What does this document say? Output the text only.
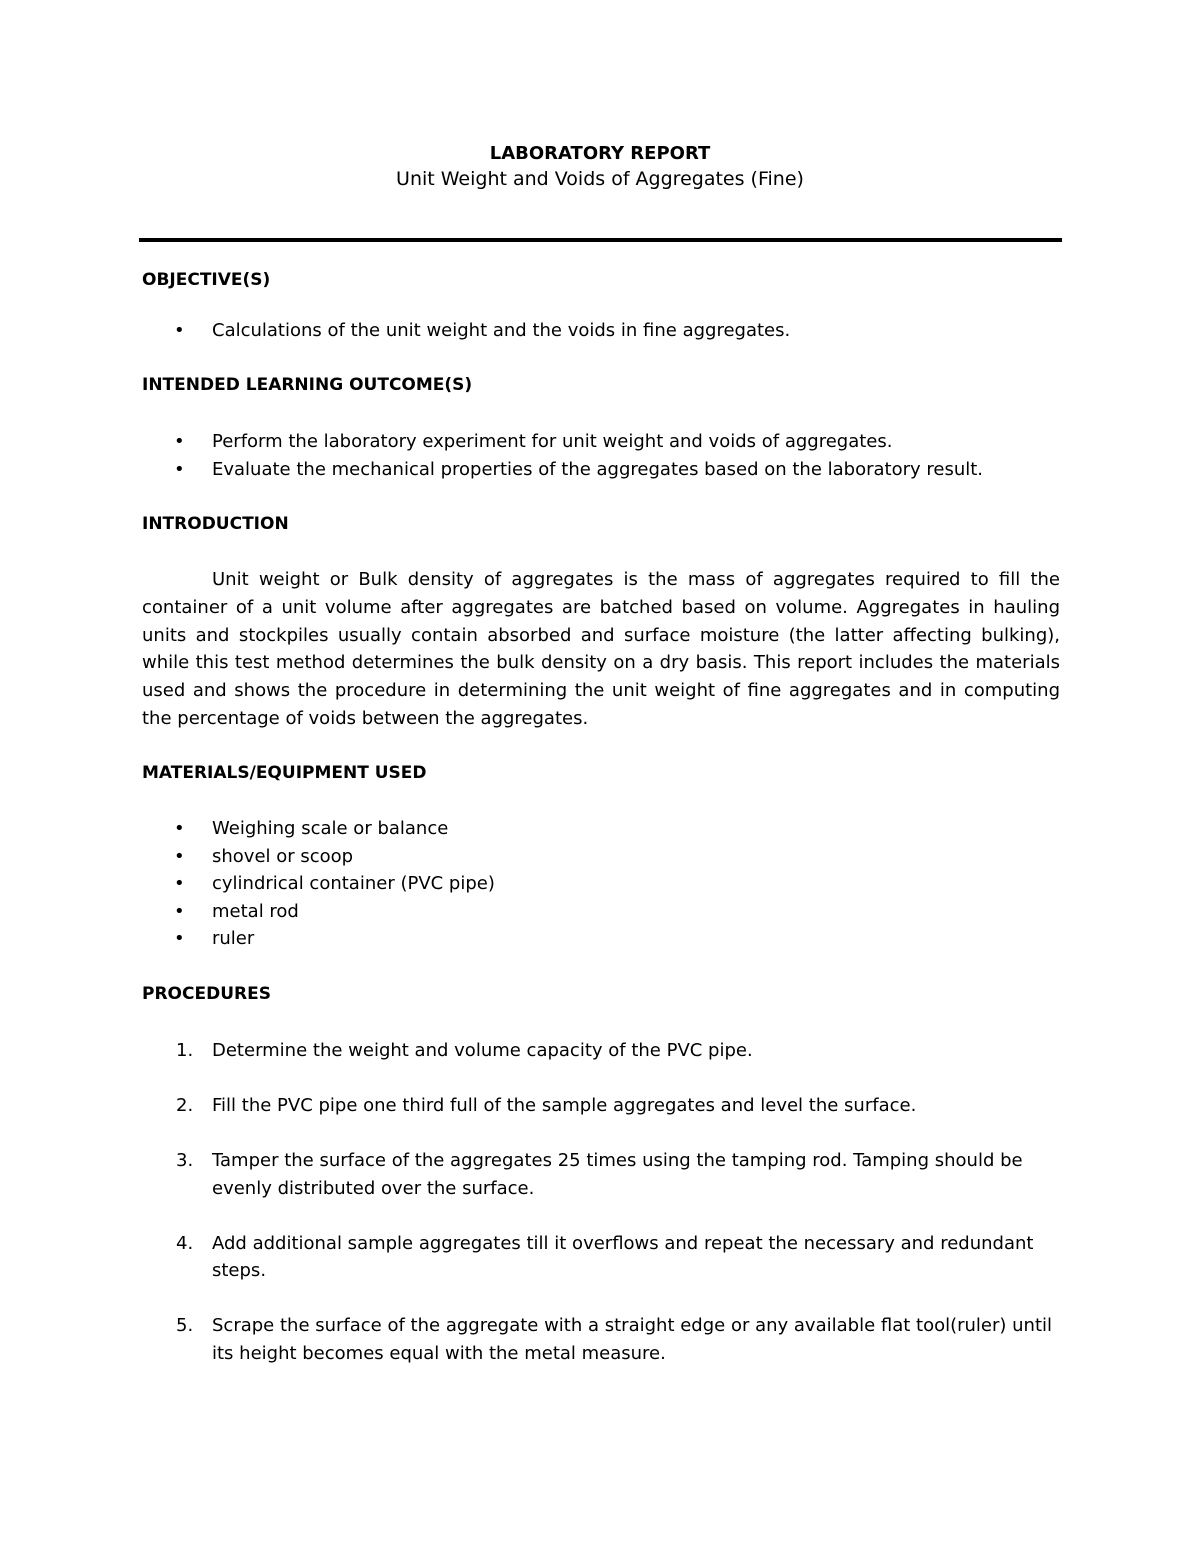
LABORATORY REPORT
Unit Weight and Voids of Aggregates (Fine)
OBJECTIVE(S)
• Calculations of the unit weight and the voids in fine aggregates.
INTENDED LEARNING OUTCOME(S)
• Perform the laboratory experiment for unit weight and voids of aggregates.
• Evaluate the mechanical properties of the aggregates based on the laboratory result.
INTRODUCTION

Unit weight or Bulk density of aggregates is the mass of aggregates required to fill the container of a unit volume after aggregates are batched based on volume. Aggregates in hauling units and stockpiles usually contain absorbed and surface moisture (the latter affecting bulking), while this test method determines the bulk density on a dry basis. This report includes the materials used and shows the procedure in determining the unit weight of fine aggregates and in computing the percentage of voids between the aggregates.

MATERIALS/EQUIPMENT USED
• Weighing scale or balance
• shovel or scoop
• cylindrical container (PVC pipe)
• metal rod
• ruler
PROCEDURES
1. Determine the weight and volume capacity of the PVC pipe.
2. Fill the PVC pipe one third full of the sample aggregates and level the surface.
3. Tamper the surface of the aggregates 25 times using the tamping rod. Tamping should be evenly distributed over the surface.
4. Add additional sample aggregates till it overflows and repeat the necessary and redundant steps.
5. Scrape the surface of the aggregate with a straight edge or any available flat tool(ruler) until its height becomes equal with the metal measure.
